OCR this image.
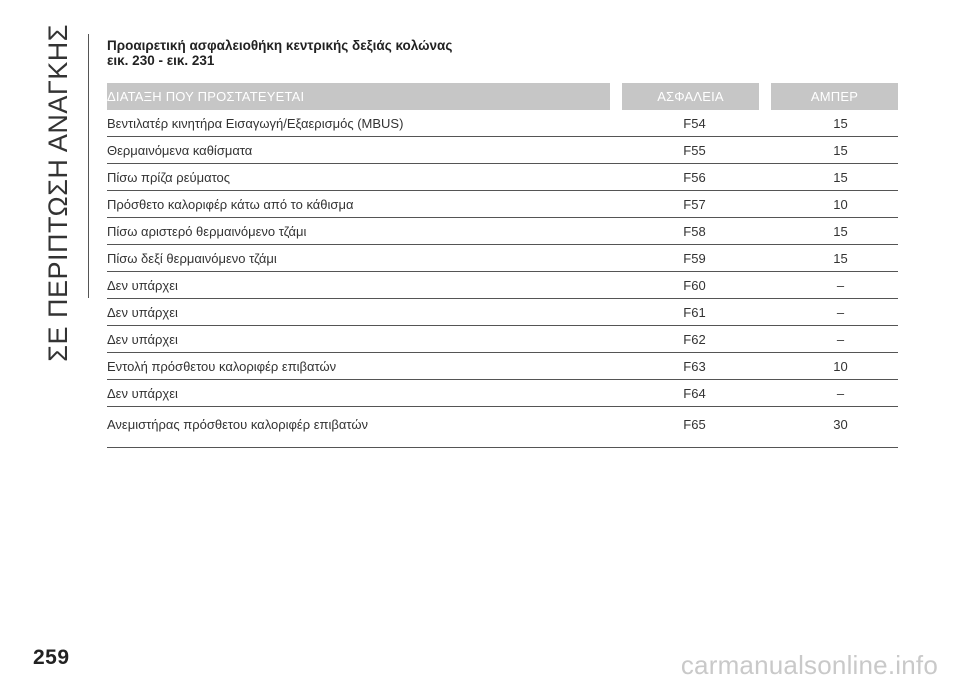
ΣΕ ΠΕΡΙΠΤΩΣΗ ΑΝΑΓΚΗΣ	Προαιρετική ασφαλειοθήκη κεντρικής δεξιάς κολώνας
εικ. 230 - εικ. 231
ΔΙΑΤΑΞΗ ΠΟΥ ΠΡΟΣΤΑΤΕΥΕΤΑΙ		ΑΣΦΑΛΕΙΑ		ΑΜΠΕΡ
Βεντιλατέρ κινητήρα Εισαγωγή/Εξαερισμός (MBUS)		F54		15
Θερμαινόμενα καθίσματα		F55		15
Πίσω πρίζα ρεύματος		F56		15
Πρόσθετο καλοριφέρ κάτω από το κάθισμα		F57		10
Πίσω αριστερό θερμαινόμενο τζάμι		F58		15
Πίσω δεξί θερμαινόμενο τζάμι		F59		15
Δεν υπάρχει		F60		–
Δεν υπάρχει		F61		–
Δεν υπάρχει		F62		–
Εντολή πρόσθετου καλοριφέρ επιβατών		F63		10
Δεν υπάρχει		F64		–
Ανεμιστήρας πρόσθετου καλοριφέρ επιβατών		F65		30
259	carmanualsonline.info
